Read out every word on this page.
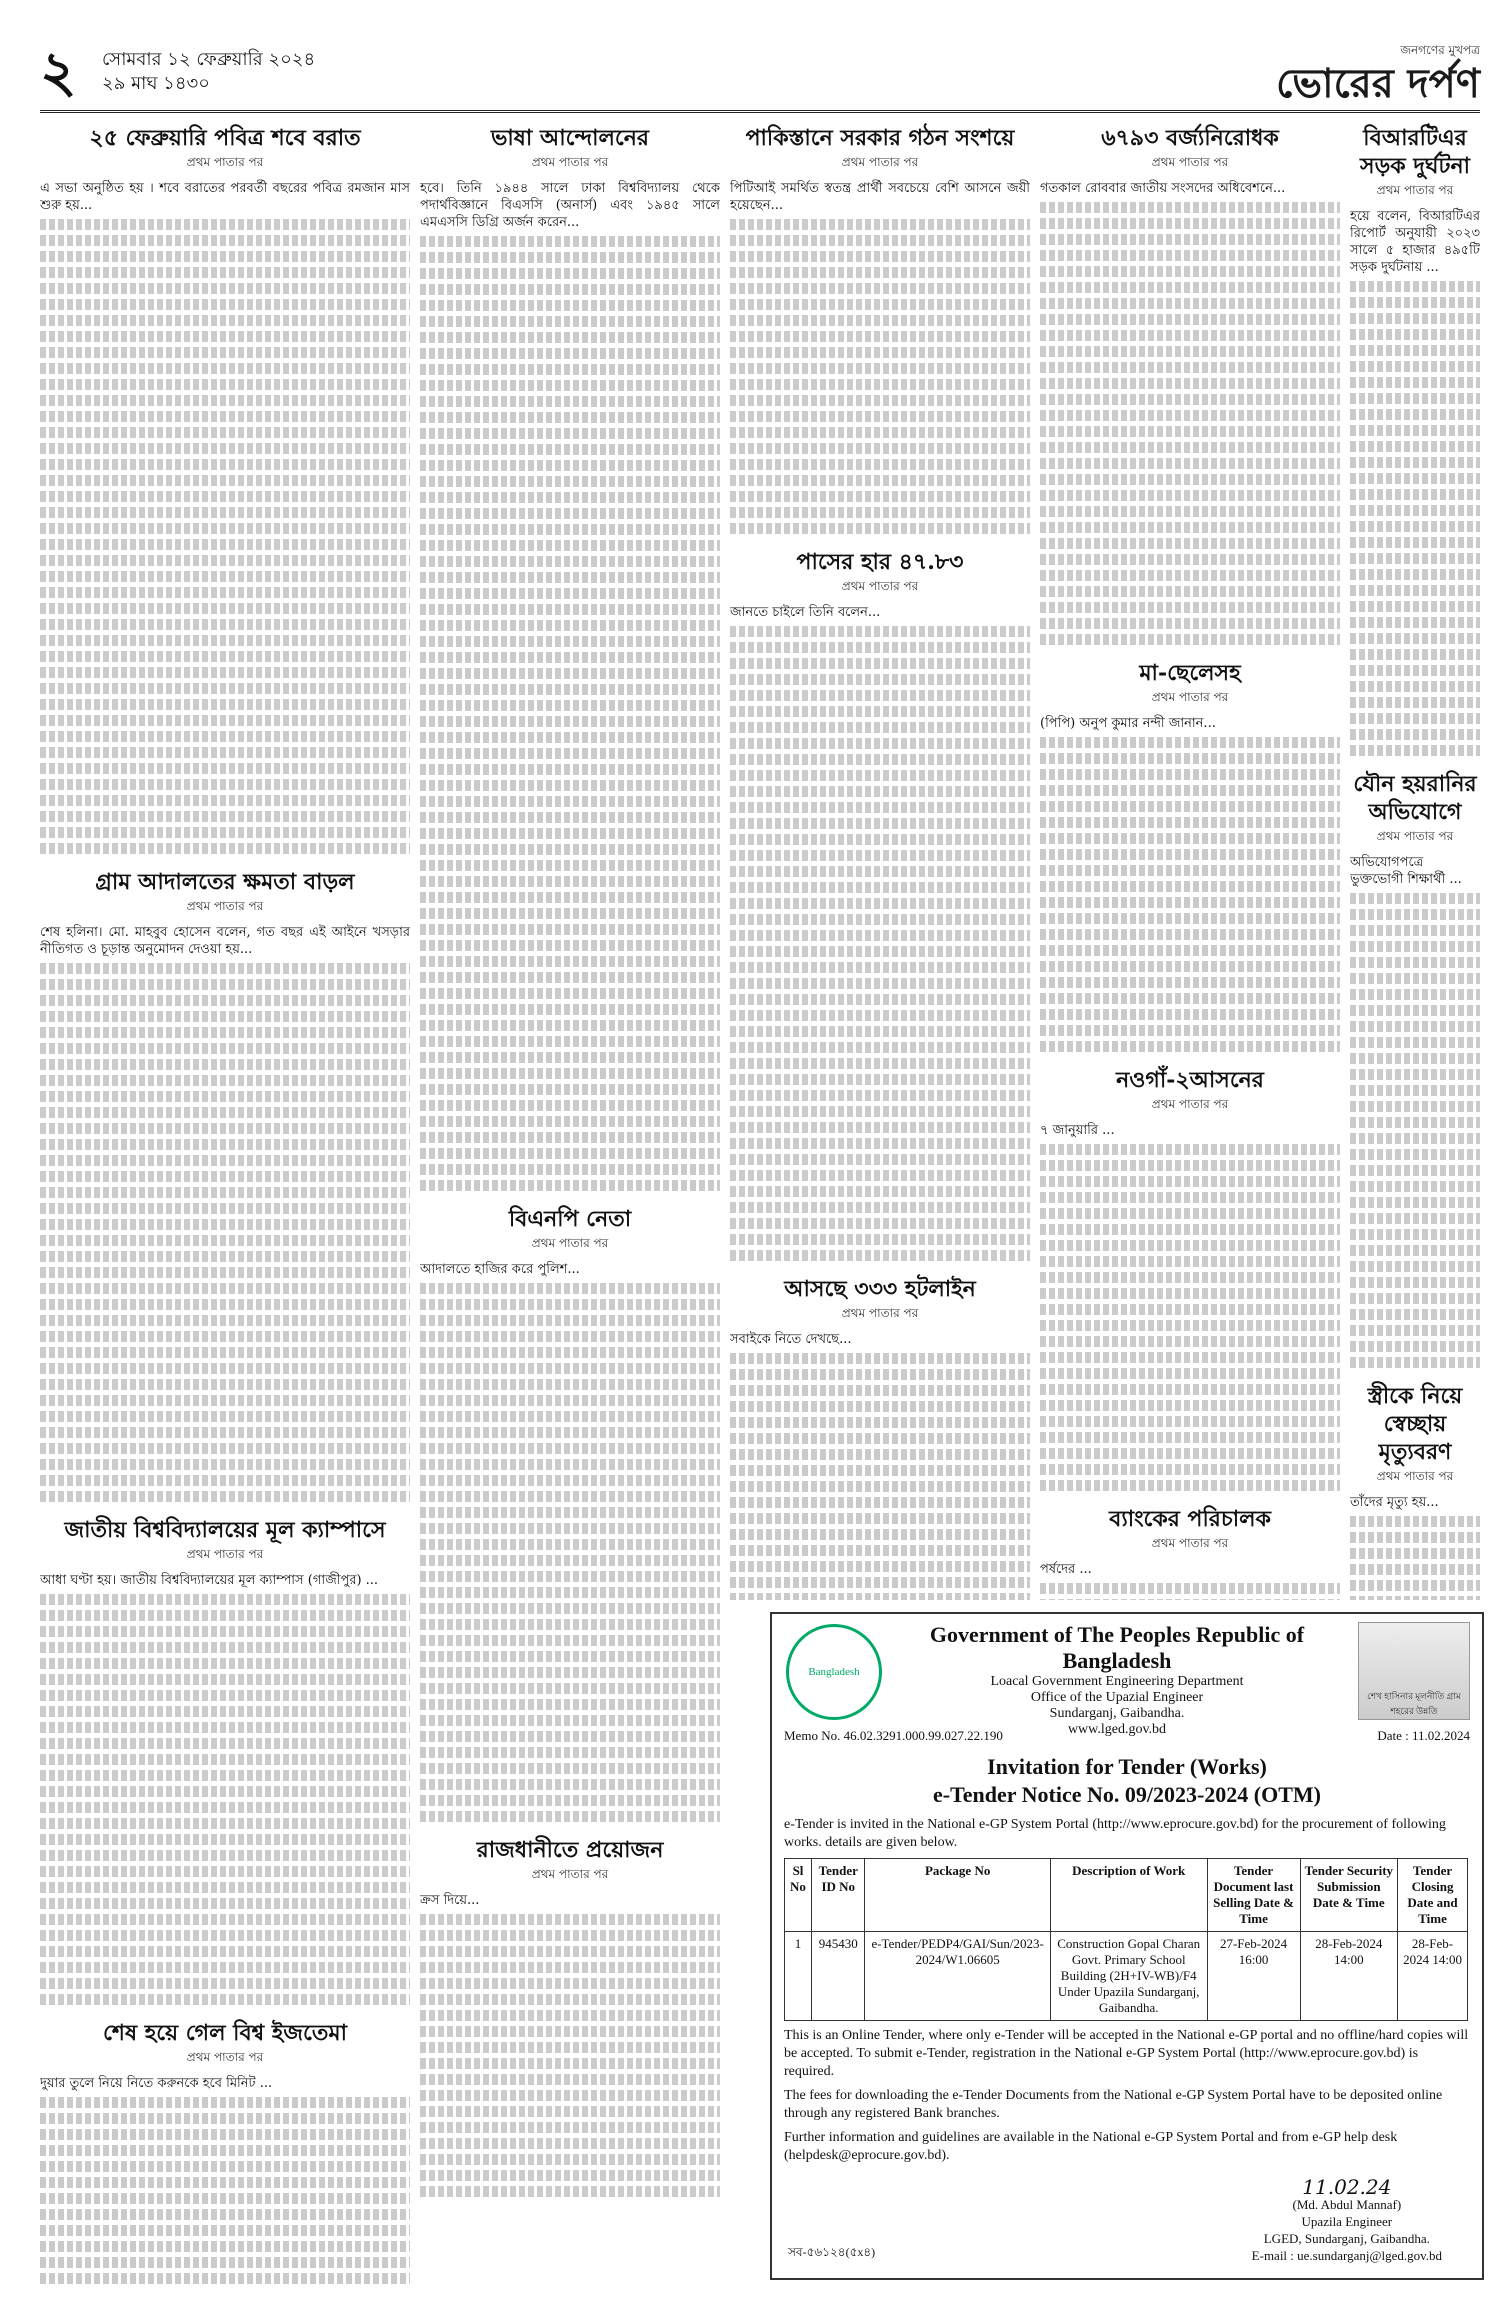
২ সোমবার ১২ ফেব্রুয়ারি ২০২৪
২৯ মাঘ ১৪৩০
জনগণের মুখপত্র
ভোরের দর্পণ
২৫ ফেব্রুয়ারি পবিত্র শবে বরাত
প্রথম পাতার পর
এ সভা অনুষ্ঠিত হয় । শবে বরাতের পরবর্তী বছরের পবিত্র রমজান মাস শুরু হয়...
গ্রাম আদালতের ক্ষমতা বাড়ল
প্রথম পাতার পর
শেষ হলিনা। মো. মাহবুব হোসেন বলেন, গত বছর এই আইনে খসড়ার নীতিগত ও চূড়ান্ত অনুমোদন দেওয়া হয়...
জাতীয় বিশ্ববিদ্যালয়ের মূল ক্যাম্পাসে
প্রথম পাতার পর
আধা ঘণ্টা হয়। জাতীয় বিশ্ববিদ্যালয়ের মূল ক্যাম্পাস (গাজীপুর) ...
শেষ হয়ে গেল বিশ্ব ইজতেমা
প্রথম পাতার পর
দুয়ার তুলে নিয়ে নিতে করুনকে হবে মিনিট ...
ভাষা আন্দোলনের
প্রথম পাতার পর
হবে। তিনি ১৯৪৪ সালে ঢাকা বিশ্ববিদ্যালয় থেকে পদার্থবিজ্ঞানে বিএসসি (অনার্স) এবং ১৯৪৫ সালে এমএসসি ডিগ্রি অর্জন করেন...
বিএনপি নেতা
প্রথম পাতার পর
আদালতে হাজির করে পুলিশ...
রাজধানীতে প্রয়োজন
প্রথম পাতার পর
ক্রস দিয়ে...
পাকিস্তানে সরকার গঠন সংশয়ে
প্রথম পাতার পর
পিটিআই সমর্থিত স্বতন্ত্র প্রার্থী সবচেয়ে বেশি আসনে জয়ী হয়েছেন...
পাসের হার ৪৭.৮৩
প্রথম পাতার পর
জানতে চাইলে তিনি বলেন...
আসছে ৩৩৩ হটলাইন
প্রথম পাতার পর
সবাইকে নিতে দেখছে...
৬৭৯৩ বর্জ্যনিরোধক
প্রথম পাতার পর
গতকাল রোববার জাতীয় সংসদের অধিবেশনে...
মা-ছেলেসহ
প্রথম পাতার পর
(পিপি) অনুপ কুমার নন্দী জানান...
নওগাঁ-২আসনের
প্রথম পাতার পর
৭ জানুয়ারি ...
ব্যাংকের পরিচালক
প্রথম পাতার পর
পর্ষদের ...
বিআরটিএর সড়ক দুর্ঘটনা
প্রথম পাতার পর
হয়ে বলেন, বিআরটিএর রিপোর্ট অনুযায়ী ২০২৩ সালে ৫ হাজার ৪৯৫টি সড়ক দুর্ঘটনায় ...
যৌন হয়রানির অভিযোগে
প্রথম পাতার পর
অভিযোগপত্রে ভুক্তভোগী শিক্ষার্থী ...
স্ত্রীকে নিয়ে স্বেচ্ছায় মৃত্যুবরণ
প্রথম পাতার পর
তাঁদের মৃত্যু হয়...
Bangladesh
Government of The Peoples Republic of Bangladesh
Loacal Government Engineering Department
Office of the Upazial Engineer
Sundarganj, Gaibandha.
www.lged.gov.bd
শেখ হাসিনার মূলনীতি গ্রাম শহরের উন্নতি
Memo No. 46.02.3291.000.99.027.22.190	Date : 11.02.2024
Invitation for Tender (Works)
e-Tender Notice No. 09/2023-2024 (OTM)

e-Tender is invited in the National e-GP System Portal (http://www.eprocure.gov.bd) for the procurement of following works. details are given below.

Sl No	Tender ID No	Package No	Description of Work	Tender Document last Selling Date & Time	Tender Security Submission Date & Time	Tender Closing Date and Time
1	945430	e-Tender/PEDP4/GAI/Sun/2023-2024/W1.06605	Construction Gopal Charan Govt. Primary School Building (2H+IV-WB)/F4 Under Upazila Sundarganj, Gaibandha.	27-Feb-2024 16:00	28-Feb-2024 14:00	28-Feb-2024 14:00

This is an Online Tender, where only e-Tender will be accepted in the National e-GP portal and no offline/hard copies will be accepted. To submit e-Tender, registration in the National e-GP System Portal (http://www.eprocure.gov.bd) is required.

The fees for downloading the e-Tender Documents from the National e-GP System Portal have to be deposited online through any registered Bank branches.

Further information and guidelines are available in the National e-GP System Portal and from e-GP help desk (helpdesk@eprocure.gov.bd).

সব-৫৬১২৪(৫x৪)
11.02.24
(Md. Abdul Mannaf)
Upazila Engineer
LGED, Sundarganj, Gaibandha.
E-mail : ue.sundarganj@lged.gov.bd
